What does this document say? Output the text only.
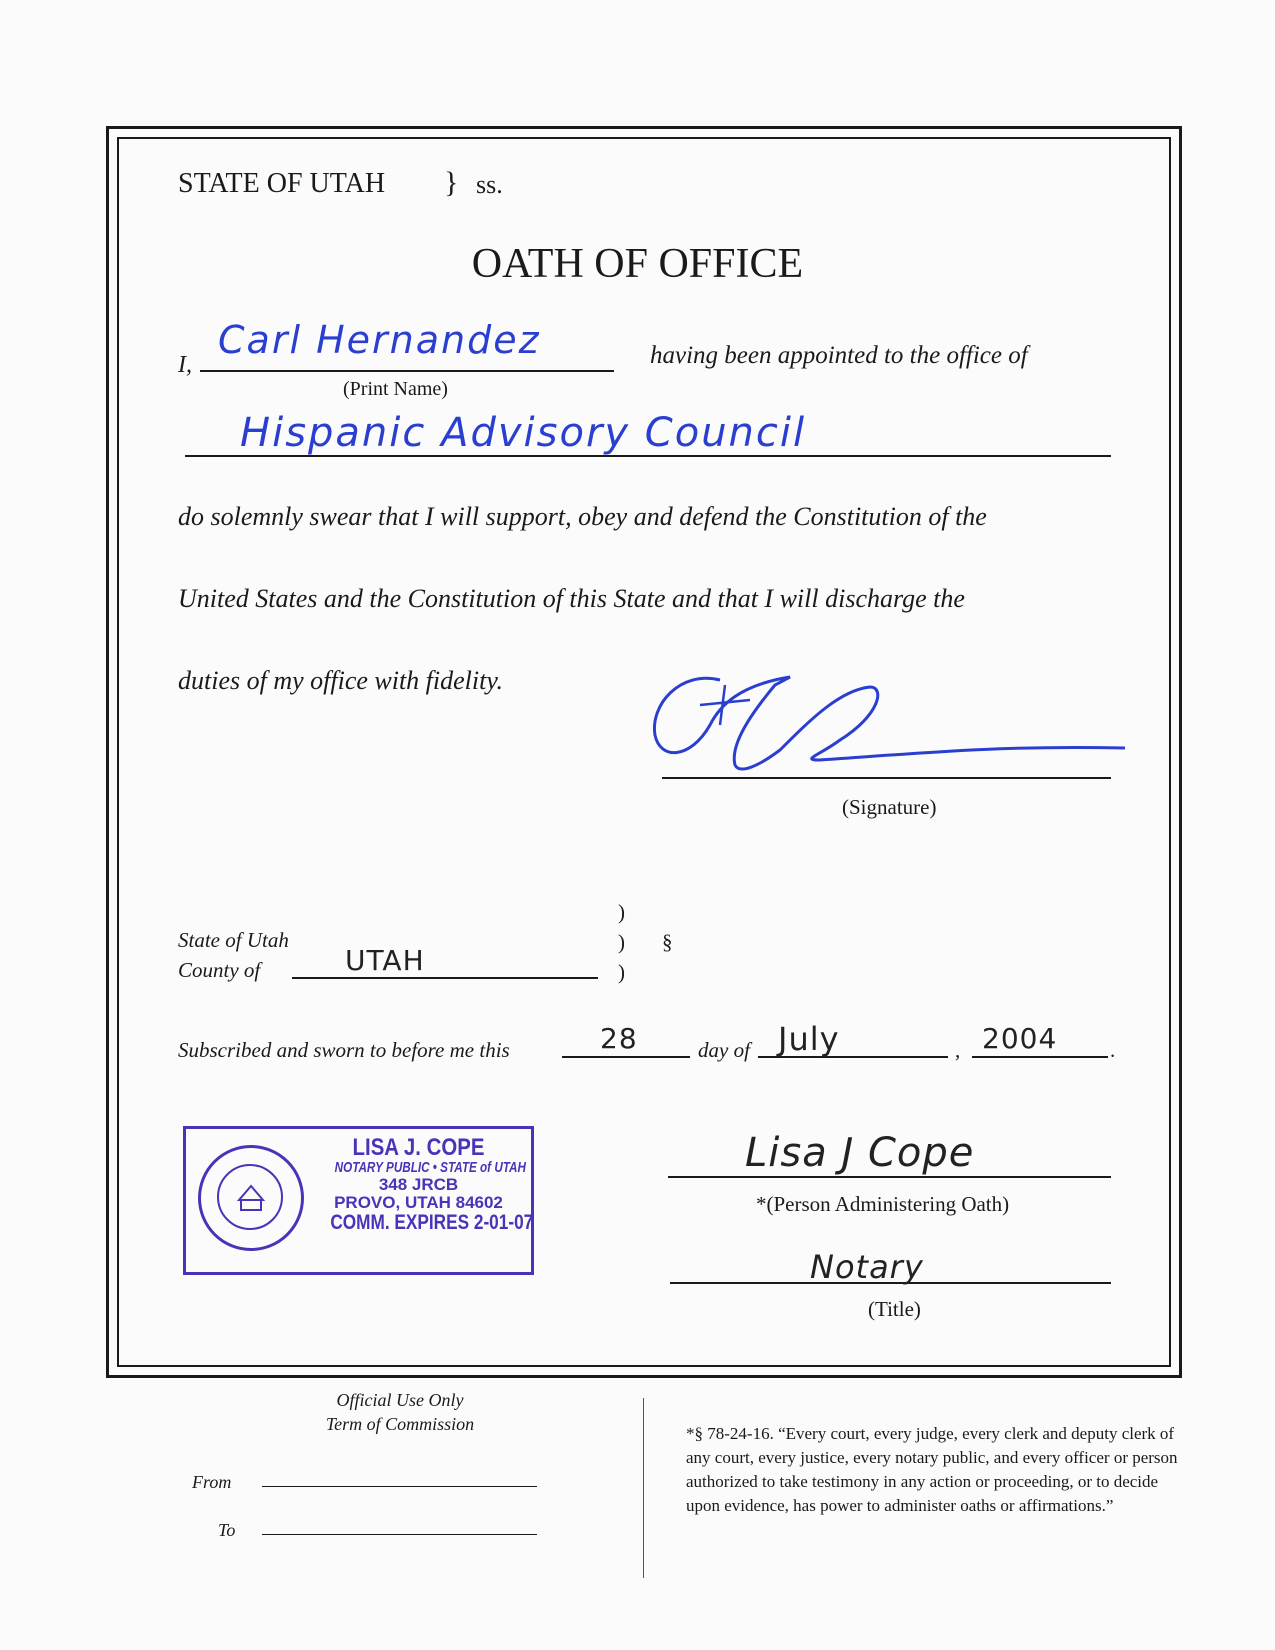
STATE OF UTAH } ss.
OATH OF OFFICE
I,
Carl Hernandez
(Print Name)
having been appointed to the office of
Hispanic Advisory Council
do solemnly swear that I will support, obey and defend the Constitution of the
United States and the Constitution of this State and that I will discharge the
duties of my office with fidelity.
(Signature)
State of Utah
County of	UTAH
)
)
)
§
Subscribed and sworn to before me this	28	day of July	, 2004	.
LISA J. COPE
NOTARY PUBLIC • STATE of UTAH
348 JRCB
PROVO, UTAH 84602
COMM. EXPIRES 2-01-07
Lisa J Cope
*(Person Administering Oath)
Notary
(Title)
Official Use Only
Term of Commission
From
To
*§ 78-24-16. “Every court, every judge, every clerk and deputy clerk of any court, every justice, every notary public, and every officer or person authorized to take testimony in any action or proceeding, or to decide upon evidence, has power to administer oaths or affirmations.”
